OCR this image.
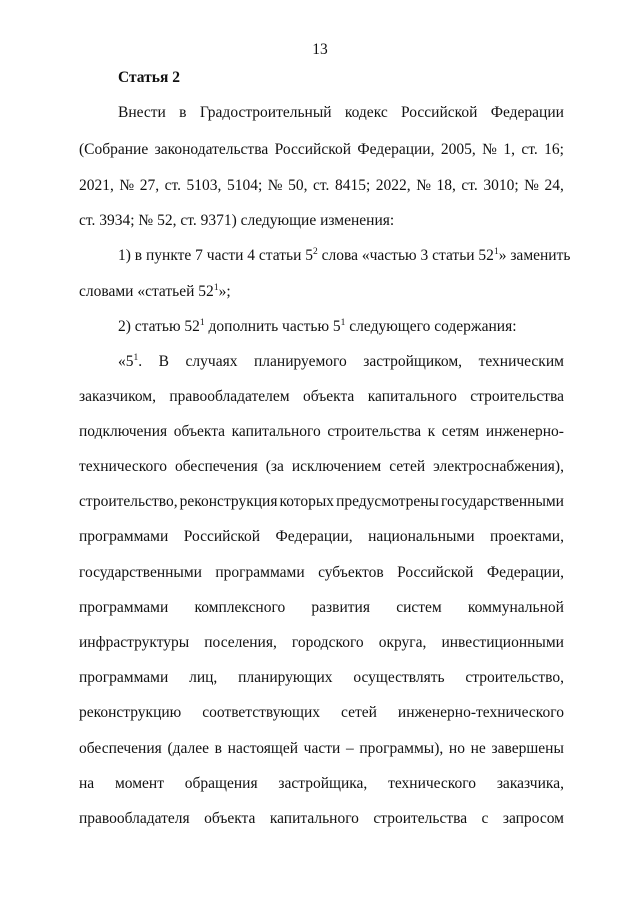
13
Статья 2
Внести в Градостроительный кодекс Российской Федерации
(Собрание законодательства Российской Федерации, 2005, № 1, ст. 16;
2021, № 27, ст. 5103, 5104; № 50, ст. 8415; 2022, № 18, ст. 3010; № 24,
ст. 3934; № 52, ст. 9371) следующие изменения:
1) в пункте 7 части 4 статьи $5^2$ слова «частью 3 статьи $52^1$» заменить
словами «статьей $52^1$»;
2) статью $52^1$ дополнить частью $5^1$ следующего содержания:
«$5^1$. В случаях планируемого застройщиком, техническим
заказчиком, правообладателем объекта капитального строительства
подключения объекта капитального строительства к сетям инженерно-
технического обеспечения (за исключением сетей электроснабжения),
строительство, реконструкция которых предусмотрены государственными
программами Российской Федерации, национальными проектами,
государственными программами субъектов Российской Федерации,
программами комплексного развития систем коммунальной
инфраструктуры поселения, городского округа, инвестиционными
программами лиц, планирующих осуществлять строительство,
реконструкцию соответствующих сетей инженерно-технического
обеспечения (далее в настоящей части – программы), но не завершены
на момент обращения застройщика, технического заказчика,
правообладателя объекта капитального строительства с запросом
